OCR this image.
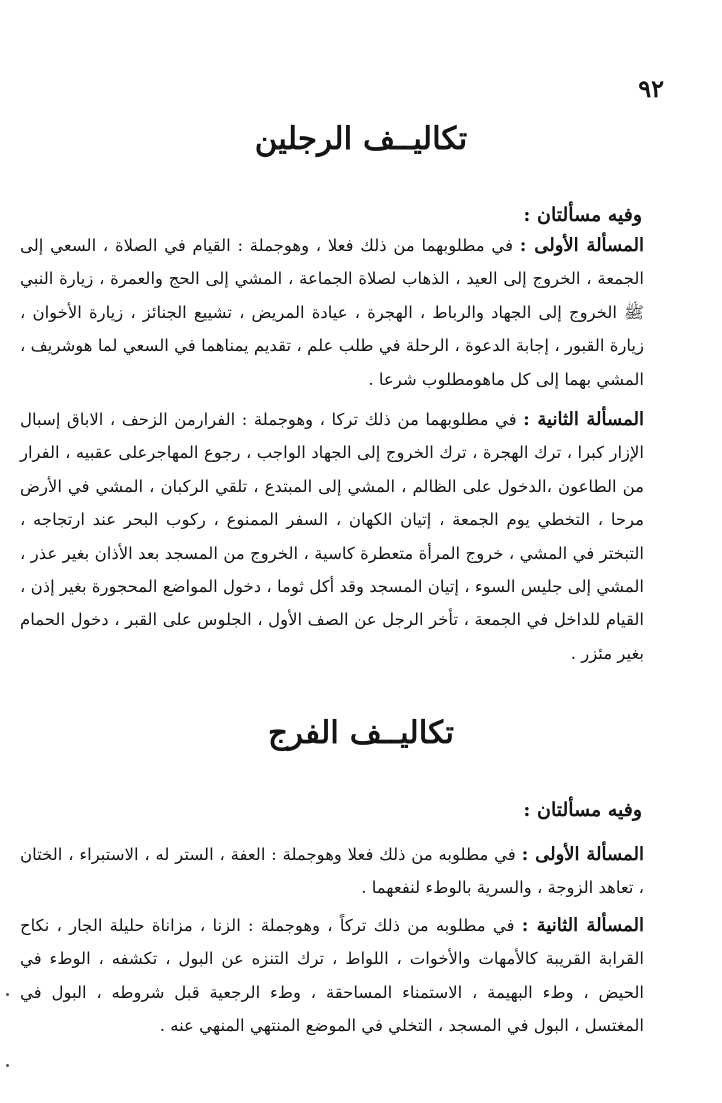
٩٢
تكاليــف الرجلين
وفيه مسألتان :

المسألة الأولى : في مطلوبهما من ذلك فعلا ، وهوجملة : القيام في الصلاة ، السعي إلى الجمعة ، الخروج إلى العيد ، الذهاب لصلاة الجماعة ، المشي إلى الحج والعمرة ، زيارة النبي ﷺ الخروج إلى الجهاد والرباط ، الهجرة ، عيادة المريض ، تشييع الجنائز ، زيارة الأخوان ، زيارة القبور ، إجابة الدعوة ، الرحلة في طلب علم ، تقديم يمناهما في السعي لما هوشريف ، المشي بهما إلى كل ماهومطلوب شرعا .

المسألة الثانية : في مطلوبهما من ذلك تركا ، وهوجملة : الفرارمن الزحف ، الاباق إسبال الإزار كبرا ، ترك الهجرة ، ترك الخروج إلى الجهاد الواجب ، رجوع المهاجرعلى عقبيه ، الفرار من الطاعون ،الدخول على الظالم ، المشي إلى المبتدع ، تلقي الركبان ، المشي في الأرض مرحا ، التخطي يوم الجمعة ، إتيان الكهان ، السفر الممنوع ، ركوب البحر عند ارتجاجه ، التبختر في المشي ، خروج المرأة متعطرة كاسية ، الخروج من المسجد بعد الأذان بغير عذر ، المشي إلى جليس السوء ، إتيان المسجد وقد أكل ثوما ، دخول المواضع المحجورة بغير إذن ، القيام للداخل في الجمعة ، تأخر الرجل عن الصف الأول ، الجلوس على القبر ، دخول الحمام بغير مئزر .

تكاليــف الفرج
وفيه مسألتان :

المسألة الأولى : في مطلوبه من ذلك فعلا وهوجملة : العفة ، الستر له ، الاستبراء ، الختان ، تعاهد الزوجة ، والسرية بالوطء لنفعهما .

المسألة الثانية : في مطلوبه من ذلك تركاً ، وهوجملة : الزنا ، مزاناة حليلة الجار ، نكاح القرابة القريبة كالأمهات والأخوات ، اللواط ، ترك التنزه عن البول ، تكشفه ، الوطء في الحيض ، وطء البهيمة ، الاستمناء المساحقة ، وطء الرجعية قبل شروطه ، البول في المغتسل ، البول في المسجد ، التخلي في الموضع المنتهي المنهي عنه .
